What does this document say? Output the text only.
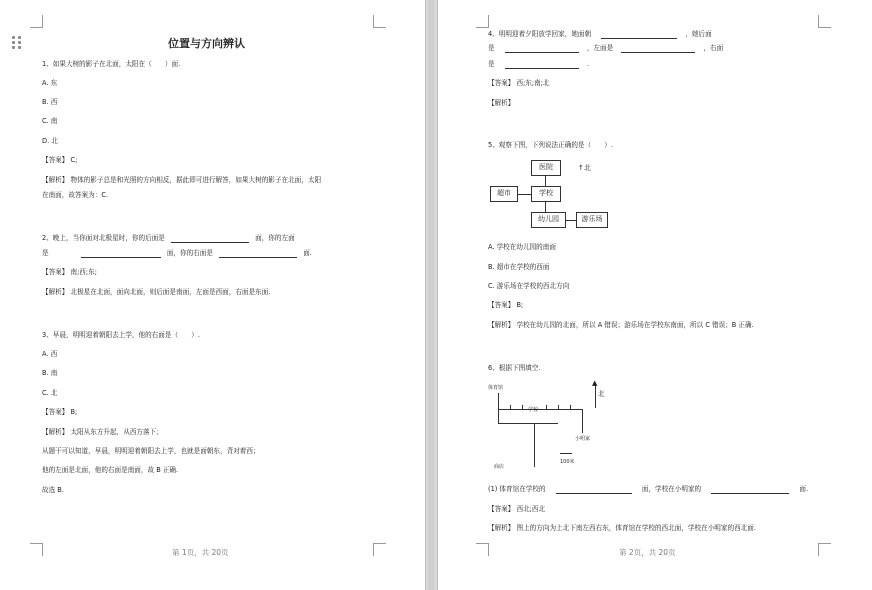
位置与方向辨认
1、如果大树的影子在北面，太阳在（　　）面.
A. 东
B. 西
C. 南
D. 北
【答案】 C;
【解析】 物体的影子总是和光照的方向相反，据此即可进行解答，如果大树的影子在北面，太阳
在南面，故答案为：C.
2、晚上，当你面对北极星时，你的后面是	面，你的左面
是	面，你的右面是	面.
【答案】 南;西;东;
【解析】 北极星在北面，面向北面，则后面是南面，左面是西面，右面是东面.
3、早晨，明明迎着朝阳去上学，他的右面是（　　）.
A. 西
B. 南
C. 北
【答案】 B;
【解析】 太阳从东方升起，从西方落下；
从题干可以知道，早晨，明明迎着朝阳去上学，也就是面朝东，背对着西；
他的左面是北面，他的右面是南面，故 B 正确.
故选 B.
第 1页，共 20页
4、明明迎着夕阳放学回家，她面朝	，她后面
是	，左面是	，右面
是	.
【答案】 西;东;南;北
【解析】
5、观察下图，下列说法正确的是（　　）.
医院	↑北
超市	学校
幼儿园	游乐场
A. 学校在幼儿园的南面
B. 超市在学校的西面
C. 游乐场在学校的西北方向
【答案】 B;
【解析】 学校在幼儿园的北面，所以 A 错误；游乐场在学校东南面，所以 C 错误；B 正确.
6、根据下图填空.
体育馆
学校
小明家
商店
100米
▲
北
(1) 体育馆在学校的	面，学校在小明家的	面.
【答案】 西北;西北
【解析】 图上的方向为上北下南左西右东，体育馆在学校的西北面，学校在小明家的西北面.
第 2页，共 20页
